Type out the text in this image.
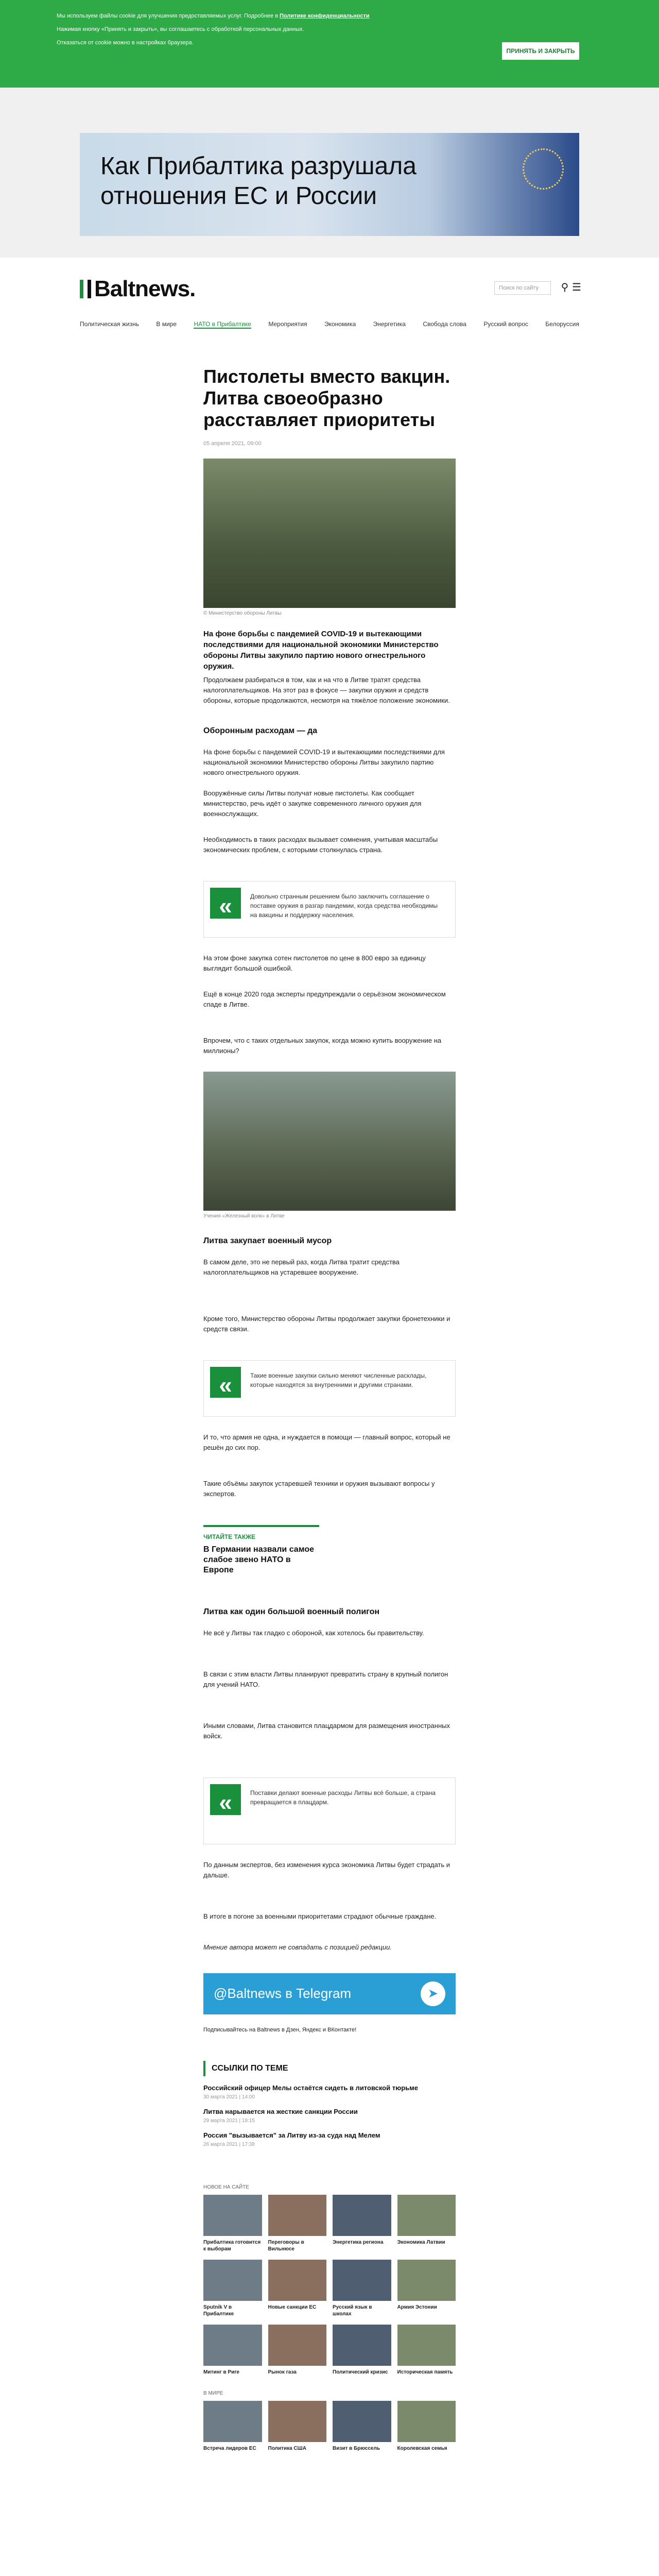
Мы используем файлы cookie для улучшения предоставляемых услуг. Подробнее в Политике конфиденциальности

Нажимая кнопку «Принять и закрыть», вы соглашаетесь с обработкой персональных данных.

Отказаться от cookie можно в настройках браузера.

ПРИНЯТЬ И ЗАКРЫТЬ
Как Прибалтика разрушала отношения ЕС и России
Baltnews.	Поиск по сайту	⚲ ☰
Политическая жизнь	В мире	НАТО в Прибалтике	Мероприятия	Экономика	Энергетика	Свобода слова	Русский вопрос	Белоруссия
Пистолеты вместо вакцин. Литва своеобразно расставляет приоритеты
05 апреля 2021, 09:00
© Министерство обороны Литвы
На фоне борьбы с пандемией COVID-19 и вытекающими последствиями для национальной экономики Министерство обороны Литвы закупило партию нового огнестрельного оружия.
Продолжаем разбираться в том, как и на что в Литве тратят средства налогоплательщиков. На этот раз в фокусе — закупки оружия и средств обороны, которые продолжаются, несмотря на тяжёлое положение экономики.
Оборонным расходам — да
На фоне борьбы с пандемией COVID-19 и вытекающими последствиями для национальной экономики Министерство обороны Литвы закупило партию нового огнестрельного оружия.
Вооружённые силы Литвы получат новые пистолеты. Как сообщает министерство, речь идёт о закупке современного личного оружия для военнослужащих.
Необходимость в таких расходах вызывает сомнения, учитывая масштабы экономических проблем, с которыми столкнулась страна.
«	Довольно странным решением было заключить соглашение о поставке оружия в разгар пандемии, когда средства необходимы на вакцины и поддержку населения.
На этом фоне закупка сотен пистолетов по цене в 800 евро за единицу выглядит большой ошибкой.
Ещё в конце 2020 года эксперты предупреждали о серьёзном экономическом спаде в Литве.
Впрочем, что с таких отдельных закупок, когда можно купить вооружение на миллионы?
Учения «Железный волк» в Литве
Литва закупает военный мусор
В самом деле, это не первый раз, когда Литва тратит средства налогоплательщиков на устаревшее вооружение.
Кроме того, Министерство обороны Литвы продолжает закупки бронетехники и средств связи.
«	Такие военные закупки сильно меняют численные расклады, которые находятся за внутренними и другими странами.
И то, что армия не одна, и нуждается в помощи — главный вопрос, который не решён до сих пор.
Такие объёмы закупок устаревшей техники и оружия вызывают вопросы у экспертов.
ЧИТАЙТЕ ТАКЖЕ
В Германии назвали самое слабое звено НАТО в Европе
Литва как один большой военный полигон
Не всё у Литвы так гладко с обороной, как хотелось бы правительству.
В связи с этим власти Литвы планируют превратить страну в крупный полигон для учений НАТО.
Иными словами, Литва становится плацдармом для размещения иностранных войск.
«	Поставки делают военные расходы Литвы всё больше, а страна превращается в плацдарм.
По данным экспертов, без изменения курса экономика Литвы будет страдать и дальше.
В итоге в погоне за военными приоритетами страдают обычные граждане.
Мнение автора может не совпадать с позицией редакции.
@Baltnews в Telegram	➤
Подписывайтесь на Baltnews в Дзен, Яндекс и ВКонтакте!
ССЫЛКИ ПО ТЕМЕ
Российский офицер Мелы остаётся сидеть в литовской тюрьме
30 марта 2021 | 14:00
Литва нарывается на жесткие санкции России
29 марта 2021 | 18:15
Россия "вызывается" за Литву из-за суда над Мелем
26 марта 2021 | 17:38
НОВОЕ НА САЙТЕ
Прибалтика готовится к выборам
Переговоры в Вильнюсе
Энергетика региона	Экономика Латвии
Sputnik V в Прибалтике
Новые санкции ЕС	Русский язык в школах
Армия Эстонии
Митинг в Риге	Рынок газа	Политический кризис	Историческая память
В МИРЕ
Встреча лидеров ЕС	Политика США	Визит в Брюссель	Королевская семья
